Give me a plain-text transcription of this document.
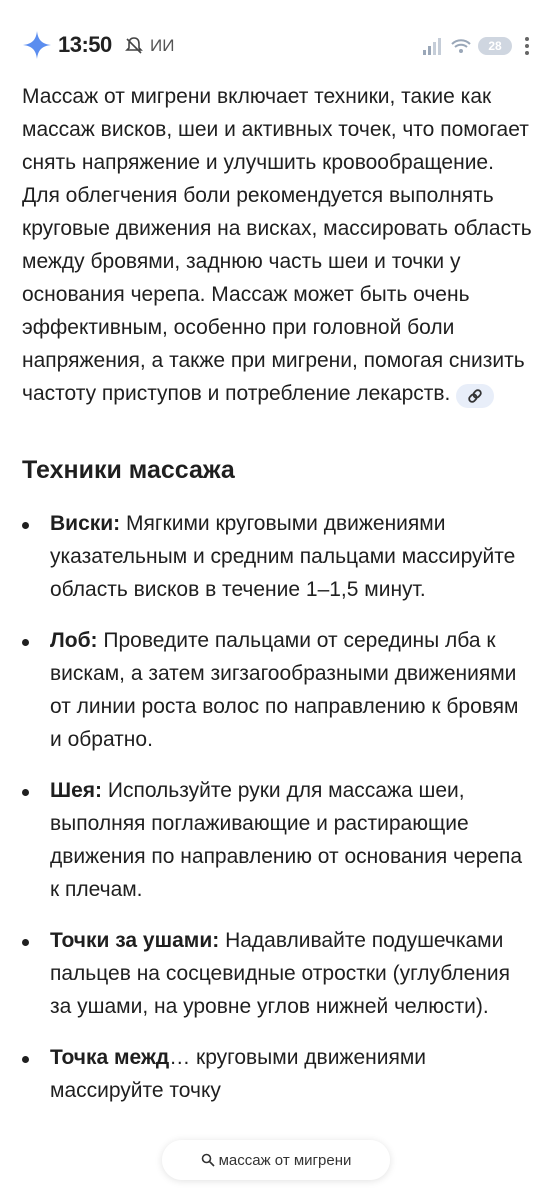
13:50 ИИ	28

Массаж от мигрени включает техники, такие как массаж висков, шеи и активных точек, что помогает снять напряжение и улучшить кровообращение. Для облегчения боли рекомендуется выполнять круговые движения на висках, массировать область между бровями, заднюю часть шеи и точки у основания черепа. Массаж может быть очень эффективным, особенно при головной боли напряжения, а также при мигрени, помогая снизить частоту приступов и потребление лекарств.

Техники массажа
Виски: Мягкими круговыми движениями указательным и средним пальцами массируйте область висков в течение 1–1,5 минут.
Лоб: Проведите пальцами от середины лба к вискам, а затем зигзагообразными движениями от линии роста волос по направлению к бровям и обратно.
Шея: Используйте руки для массажа шеи, выполняя поглаживающие и растирающие движения по направлению от основания черепа к плечам.
Точки за ушами: Надавливайте подушечками пальцев на сосцевидные отростки (углубления за ушами, на уровне углов нижней челюсти).
Точка межд… круговыми движениями массируйте точку
массаж от мигрени
